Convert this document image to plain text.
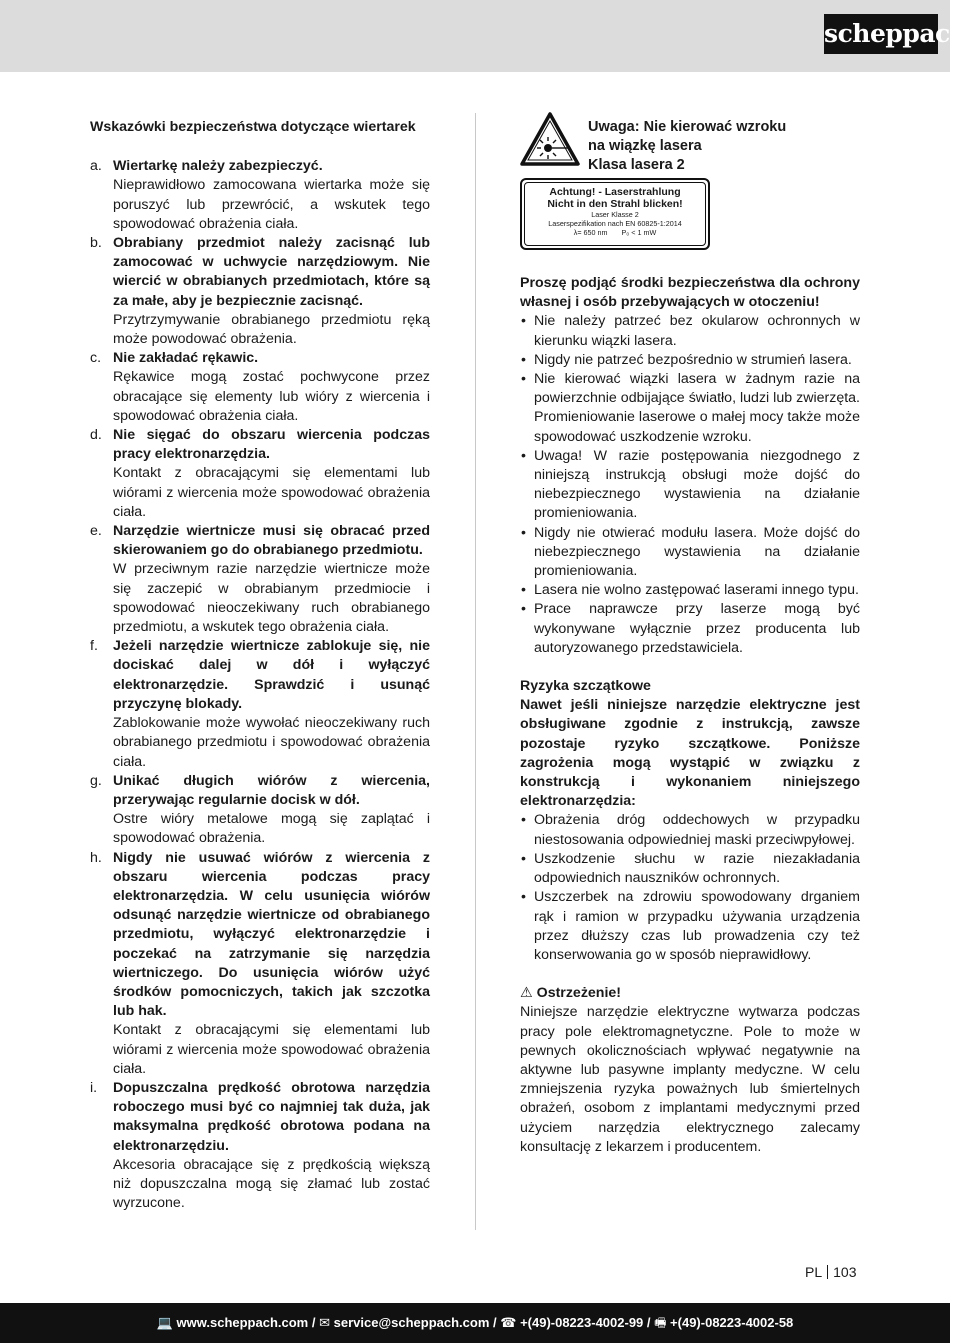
scheppach
Wskazówki bezpieczeństwa dotyczące wiertarek
a. Wiertarkę należy zabezpieczyć.
Nieprawidłowo zamocowana wiertarka może się poruszyć lub przewrócić, a wskutek tego spowodować obrażenia ciała.
b. Obrabiany przedmiot należy zacisnąć lub zamocować w uchwycie narzędziowym. Nie wiercić w obrabianych przedmiotach, które są za małe, aby je bezpiecznie zacisnąć.
Przytrzymywanie obrabianego przedmiotu ręką może powodować obrażenia.
c. Nie zakładać rękawic.
Rękawice mogą zostać pochwycone przez obracające się elementy lub wióry z wiercenia i spowodować obrażenia ciała.
d. Nie sięgać do obszaru wiercenia podczas pracy elektronarzędzia.
Kontakt z obracającymi się elementami lub wiórami z wiercenia może spowodować obrażenia ciała.
e. Narzędzie wiertnicze musi się obracać przed skierowaniem go do obrabianego przedmiotu.
W przeciwnym razie narzędzie wiertnicze może się zaczepić w obrabianym przedmiocie i spowodować nieoczekiwany ruch obrabianego przedmiotu, a wskutek tego obrażenia ciała.
f. Jeżeli narzędzie wiertnicze zablokuje się, nie dociskać dalej w dół i wyłączyć elektronarzędzie. Sprawdzić i usunąć przyczynę blokady.
Zablokowanie może wywołać nieoczekiwany ruch obrabianego przedmiotu i spowodować obrażenia ciała.
g. Unikać długich wiórów z wiercenia, przerywając regularnie docisk w dół.
Ostre wióry metalowe mogą się zaplątać i spowodować obrażenia.
h. Nigdy nie usuwać wiórów z wiercenia z obszaru wiercenia podczas pracy elektronarzędzia. W celu usunięcia wiórów odsunąć narzędzie wiertnicze od obrabianego przedmiotu, wyłączyć elektronarzędzie i poczekać na zatrzymanie się narzędzia wiertniczego. Do usunięcia wiórów użyć środków pomocniczych, takich jak szczotka lub hak.
Kontakt z obracającymi się elementami lub wiórami z wiercenia może spowodować obrażenia ciała.
i. Dopuszczalna prędkość obrotowa narzędzia roboczego musi być co najmniej tak duża, jak maksymalna prędkość obrotowa podana na elektronarzędziu.
Akcesoria obracające się z prędkością większą niż dopuszczalna mogą się złamać lub zostać wyrzucone.
Uwaga: Nie kierować wzroku
na wiązkę lasera
Klasa lasera 2
Achtung! - Laserstrahlung
Nicht in den Strahl blicken!
Laser Klasse 2
Laserspezifikation nach EN 60825-1:2014
λ= 650 nm P₀ < 1 mW
Proszę podjąć środki bezpieczeństwa dla ochrony własnej i osób przebywających w otoczeniu!
• Nie należy patrzeć bez okularow ochronnych w kierunku wiązki lasera.
• Nigdy nie patrzeć bezpośrednio w strumień lasera.
• Nie kierować wiązki lasera w żadnym razie na powierzchnie odbijające światło, ludzi lub zwierzęta. Promieniowanie laserowe o małej mocy także może spowodować uszkodzenie wzroku.
• Uwaga! W razie postępowania niezgodnego z niniejszą instrukcją obsługi może dojść do niebezpiecznego wystawienia na działanie promieniowania.
• Nigdy nie otwierać modułu lasera. Może dojść do niebezpiecznego wystawienia na działanie promieniowania.
• Lasera nie wolno zastępować laserami innego typu.
• Prace naprawcze przy laserze mogą być wykonywane wyłącznie przez producenta lub autoryzowanego przedstawiciela.
Ryzyka szczątkowe
Nawet jeśli niniejsze narzędzie elektryczne jest obsługiwane zgodnie z instrukcją, zawsze pozostaje ryzyko szczątkowe. Poniższe zagrożenia mogą wystąpić w związku z konstrukcją i wykonaniem niniejszego elektronarzędzia:
• Obrażenia dróg oddechowych w przypadku niestosowania odpowiedniej maski przeciwpyłowej.
• Uszkodzenie słuchu w razie niezakładania odpowiednich nauszników ochronnych.
• Uszczerbek na zdrowiu spowodowany drganiem rąk i ramion w przypadku używania urządzenia przez dłuższy czas lub prowadzenia czy też konserwowania go w sposób nieprawidłowy.
⚠ Ostrzeżenie!
Niniejsze narzędzie elektryczne wytwarza podczas pracy pole elektromagnetyczne. Pole to może w pewnych okolicznościach wpływać negatywnie na aktywne lub pasywne implanty medyczne. W celu zmniejszenia ryzyka poważnych lub śmiertelnych obrażeń, osobom z implantami medycznymi przed użyciem narzędzia elektrycznego zalecamy konsultację z lekarzem i producentem.
PL 103
💻 www.scheppach.com / ✉ service@scheppach.com / ☎ +(49)-08223-4002-99 / 🖷 +(49)-08223-4002-58
